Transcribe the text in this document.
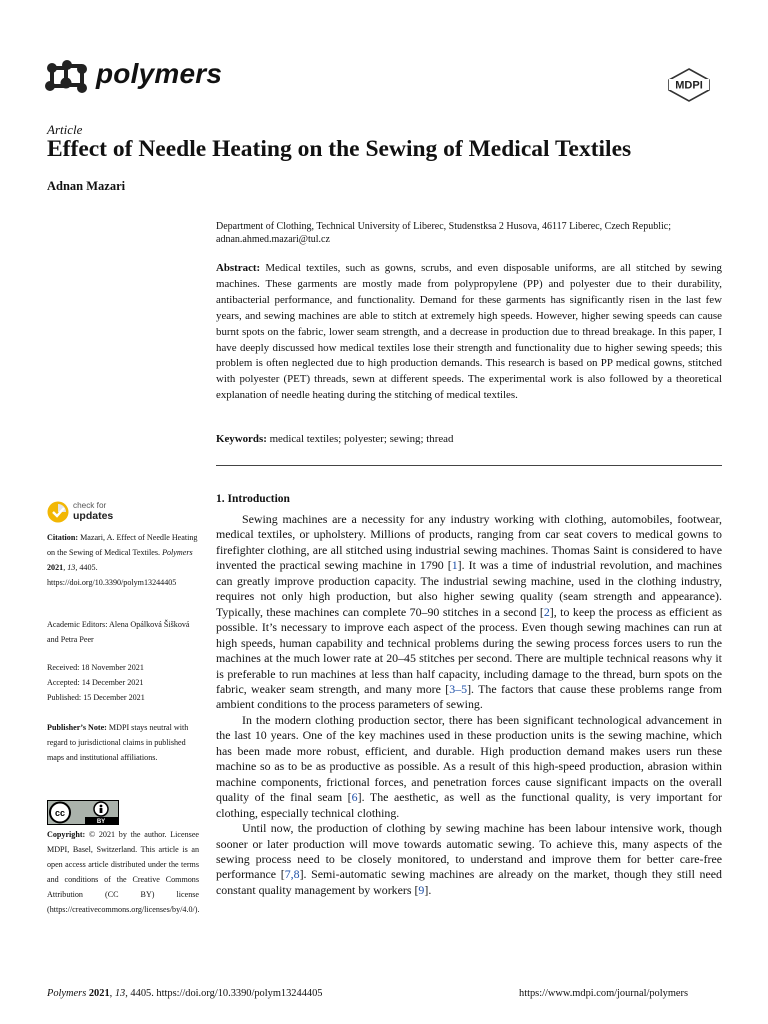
polymers	MDPI
Article
Effect of Needle Heating on the Sewing of Medical Textiles
Adnan Mazari
Department of Clothing, Technical University of Liberec, Studenstksa 2 Husova, 46117 Liberec, Czech Republic;
adnan.ahmed.mazari@tul.cz
Abstract: Medical textiles, such as gowns, scrubs, and even disposable uniforms, are all stitched by sewing machines. These garments are mostly made from polypropylene (PP) and polyester due to their durability, antibacterial performance, and functionality. Demand for these garments has significantly risen in the last few years, and sewing machines are able to stitch at extremely high speeds. However, higher sewing speeds can cause burnt spots on the fabric, lower seam strength, and a decrease in production due to thread breakage. In this paper, I have deeply discussed how medical textiles lose their strength and functionality due to higher sewing speeds; this problem is often neglected due to high production demands. This research is based on PP medical gowns, stitched with polyester (PET) threads, sewn at different speeds. The experimental work is also followed by a theoretical explanation of needle heating during the stitching of medical textiles.
Keywords: medical textiles; polyester; sewing; thread
check for
updates

Citation: Mazari, A. Effect of Needle Heating on the Sewing of Medical Textiles. Polymers 2021, 13, 4405. https://doi.org/10.3390/polym13244405

Academic Editors: Alena Opálková Šišková and Petra Peer

Received: 18 November 2021

Accepted: 14 December 2021

Published: 15 December 2021

Publisher’s Note: MDPI stays neutral with regard to jurisdictional claims in published maps and institutional affiliations.

cc
BY

Copyright: © 2021 by the author. Licensee MDPI, Basel, Switzerland. This article is an open access article distributed under the terms and conditions of the Creative Commons Attribution (CC BY) license (https://creativecommons.org/licenses/by/4.0/).

1. Introduction

Sewing machines are a necessity for any industry working with clothing, automobiles, footwear, medical textiles, or upholstery. Millions of products, ranging from car seat covers to medical gowns to firefighter clothing, are all stitched using industrial sewing machines. Thomas Saint is considered to have invented the practical sewing machine in 1790 [1]. It was a time of industrial revolution, and machines can greatly improve production capacity. The industrial sewing machine, used in the clothing industry, requires not only high production, but also higher sewing quality (seam strength and appearance). Typically, these machines can complete 70–90 stitches in a second [2], to keep the process as efficient as possible. It’s necessary to improve each aspect of the process. Even though sewing machines can run at high speeds, human capability and technical problems during the sewing process forces users to run the machines at the much lower rate at 20–45 stitches per second. There are multiple technical reasons why it is preferable to run machines at less than half capacity, including damage to the thread, burn spots on the fabric, weaker seam strength, and many more [3–5]. The factors that cause these problems range from ambient conditions to the process parameters of sewing.

In the modern clothing production sector, there has been significant technological advancement in the last 10 years. One of the key machines used in these production units is the sewing machine, which has been made more robust, efficient, and durable. High production demand makes users run these machine so as to be as productive as possible. As a result of this high-speed production, abrasion within machine components, frictional forces, and penetration forces cause significant impacts on the overall quality of the final seam [6]. The aesthetic, as well as the functional quality, is very important for clothing, especially technical clothing.

Until now, the production of clothing by sewing machine has been labour intensive work, though sooner or later production will move towards automatic sewing. To achieve this, many aspects of the sewing process need to be closely monitored, to understand and improve them for better care-free performance [7,8]. Semi-automatic sewing machines are already on the market, though they still need constant quality management by workers [9].

Polymers 2021, 13, 4405. https://doi.org/10.3390/polym13244405	https://www.mdpi.com/journal/polymers
